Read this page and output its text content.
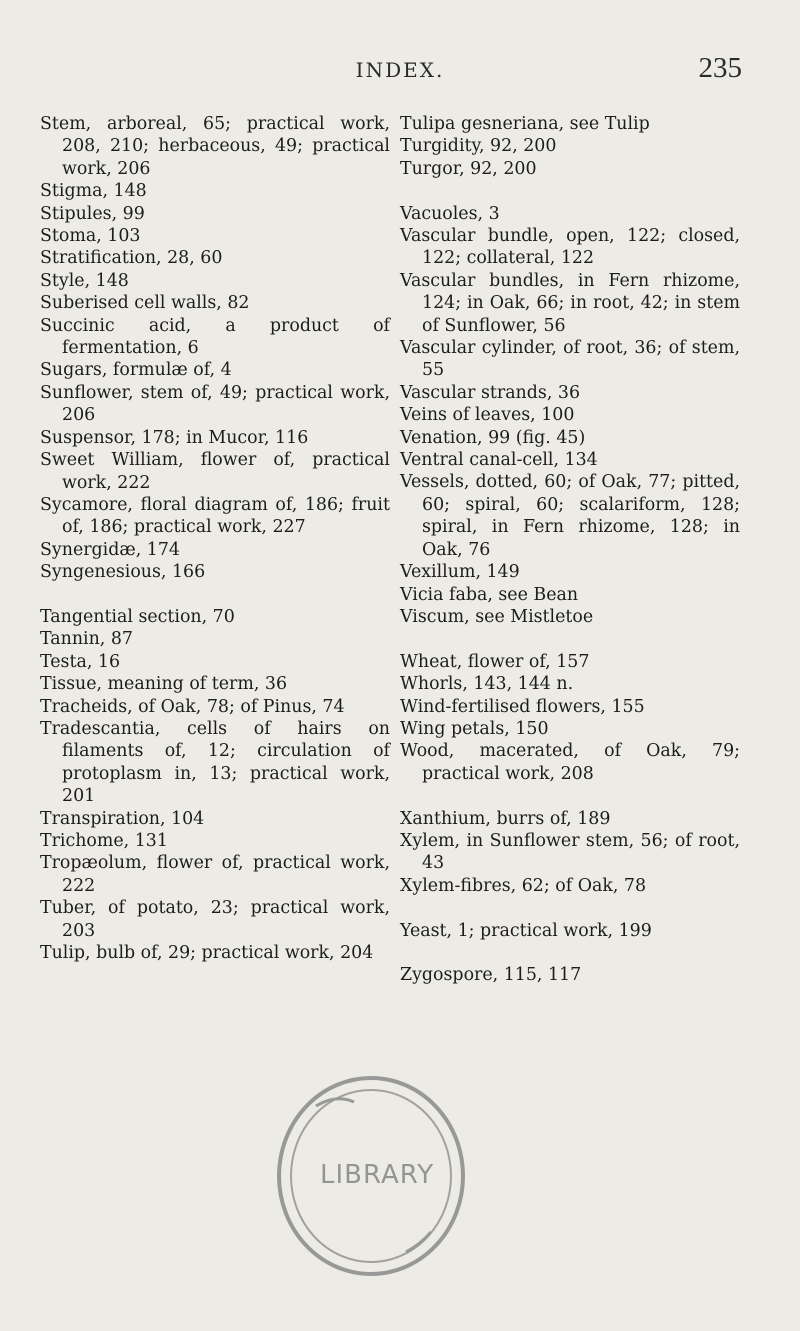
INDEX.	235
Stem, arboreal, 65; practical work, 208, 210; herbaceous, 49; practical work, 206
Stigma, 148
Stipules, 99
Stoma, 103
Stratification, 28, 60
Style, 148
Suberised cell walls, 82
Succinic acid, a product of fermentation, 6
Sugars, formulæ of, 4
Sunflower, stem of, 49; practical work, 206
Suspensor, 178; in Mucor, 116
Sweet William, flower of, practical work, 222
Sycamore, floral diagram of, 186; fruit of, 186; practical work, 227
Synergidæ, 174
Syngenesious, 166
Tangential section, 70
Tannin, 87
Testa, 16
Tissue, meaning of term, 36
Tracheids, of Oak, 78; of Pinus, 74
Tradescantia, cells of hairs on filaments of, 12; circulation of protoplasm in, 13; practical work, 201
Transpiration, 104
Trichome, 131
Tropæolum, flower of, practical work, 222
Tuber, of potato, 23; practical work, 203
Tulip, bulb of, 29; practical work, 204
Tulipa gesneriana, see Tulip
Turgidity, 92, 200
Turgor, 92, 200
Vacuoles, 3
Vascular bundle, open, 122; closed, 122; collateral, 122
Vascular bundles, in Fern rhizome, 124; in Oak, 66; in root, 42; in stem of Sunflower, 56
Vascular cylinder, of root, 36; of stem, 55
Vascular strands, 36
Veins of leaves, 100
Venation, 99 (fig. 45)
Ventral canal-cell, 134
Vessels, dotted, 60; of Oak, 77; pitted, 60; spiral, 60; scalariform, 128; spiral, in Fern rhizome, 128; in Oak, 76
Vexillum, 149
Vicia faba, see Bean
Viscum, see Mistletoe
Wheat, flower of, 157
Whorls, 143, 144 n.
Wind-fertilised flowers, 155
Wing petals, 150
Wood, macerated, of Oak, 79; practical work, 208
Xanthium, burrs of, 189
Xylem, in Sunflower stem, 56; of root, 43
Xylem-fibres, 62; of Oak, 78
Yeast, 1; practical work, 199
Zygospore, 115, 117
LIBRARY
